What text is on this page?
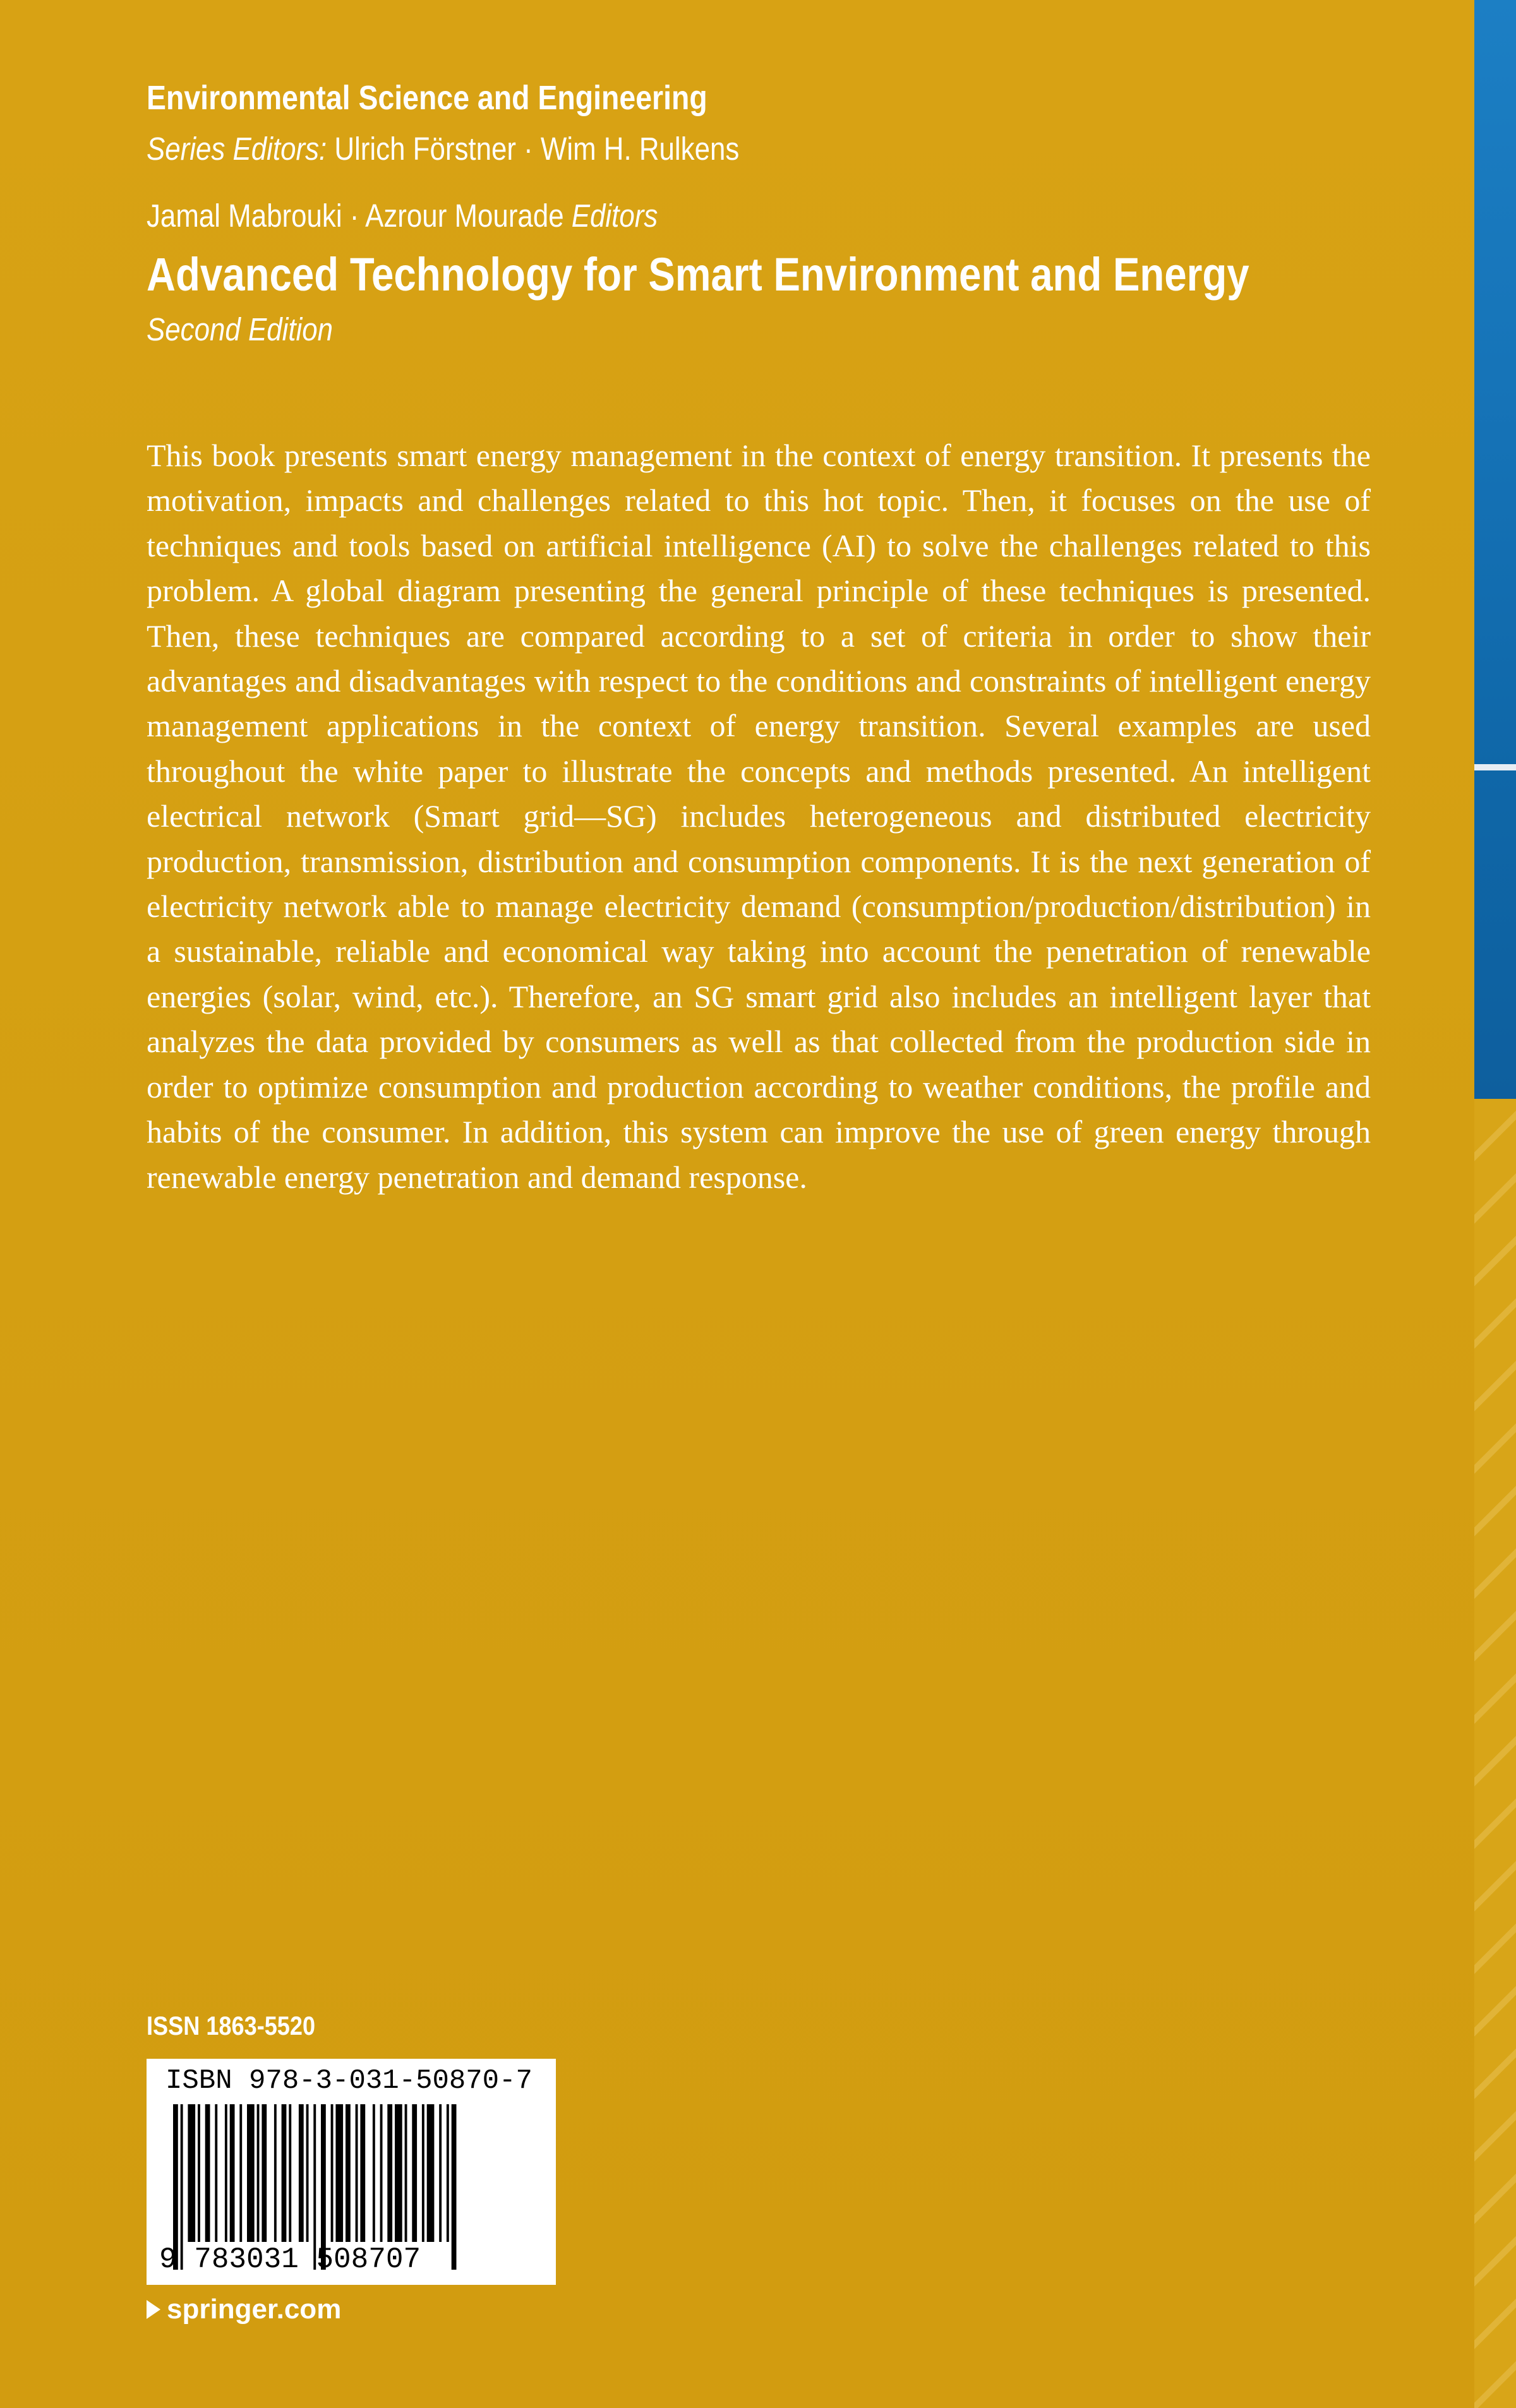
Environmental Science and Engineering
Series Editors: Ulrich Förstner · Wim H. Rulkens
Jamal Mabrouki · Azrour Mourade Editors
Advanced Technology for Smart Environment and Energy
Second Edition
This book presents smart energy management in the context of energy transition. It presents the motivation, impacts and challenges related to this hot topic. Then, it focuses on the use of techniques and tools based on artificial intelligence (AI) to solve the challenges related to this problem. A global diagram presenting the general principle of these techniques is presented. Then, these techniques are compared according to a set of criteria in order to show their advantages and disadvantages with respect to the conditions and constraints of intelligent energy management applications in the context of energy transition. Several examples are used throughout the white paper to illustrate the concepts and methods presented. An intelligent electrical network (Smart grid—SG) includes heterogeneous and distributed electricity production, transmission, distribution and consumption components. It is the next generation of electricity network able to manage electricity demand (consumption/production/distribution) in a sustainable, reliable and economical way taking into account the penetration of renewable energies (solar, wind, etc.). Therefore, an SG smart grid also includes an intelligent layer that analyzes the data provided by consumers as well as that collected from the production side in order to optimize consumption and production according to weather conditions, the profile and habits of the consumer. In addition, this system can improve the use of green energy through renewable energy penetration and demand response.
ISSN 1863-5520
ISBN 978-3-031-50870-7
9 783031 508707
springer.com
